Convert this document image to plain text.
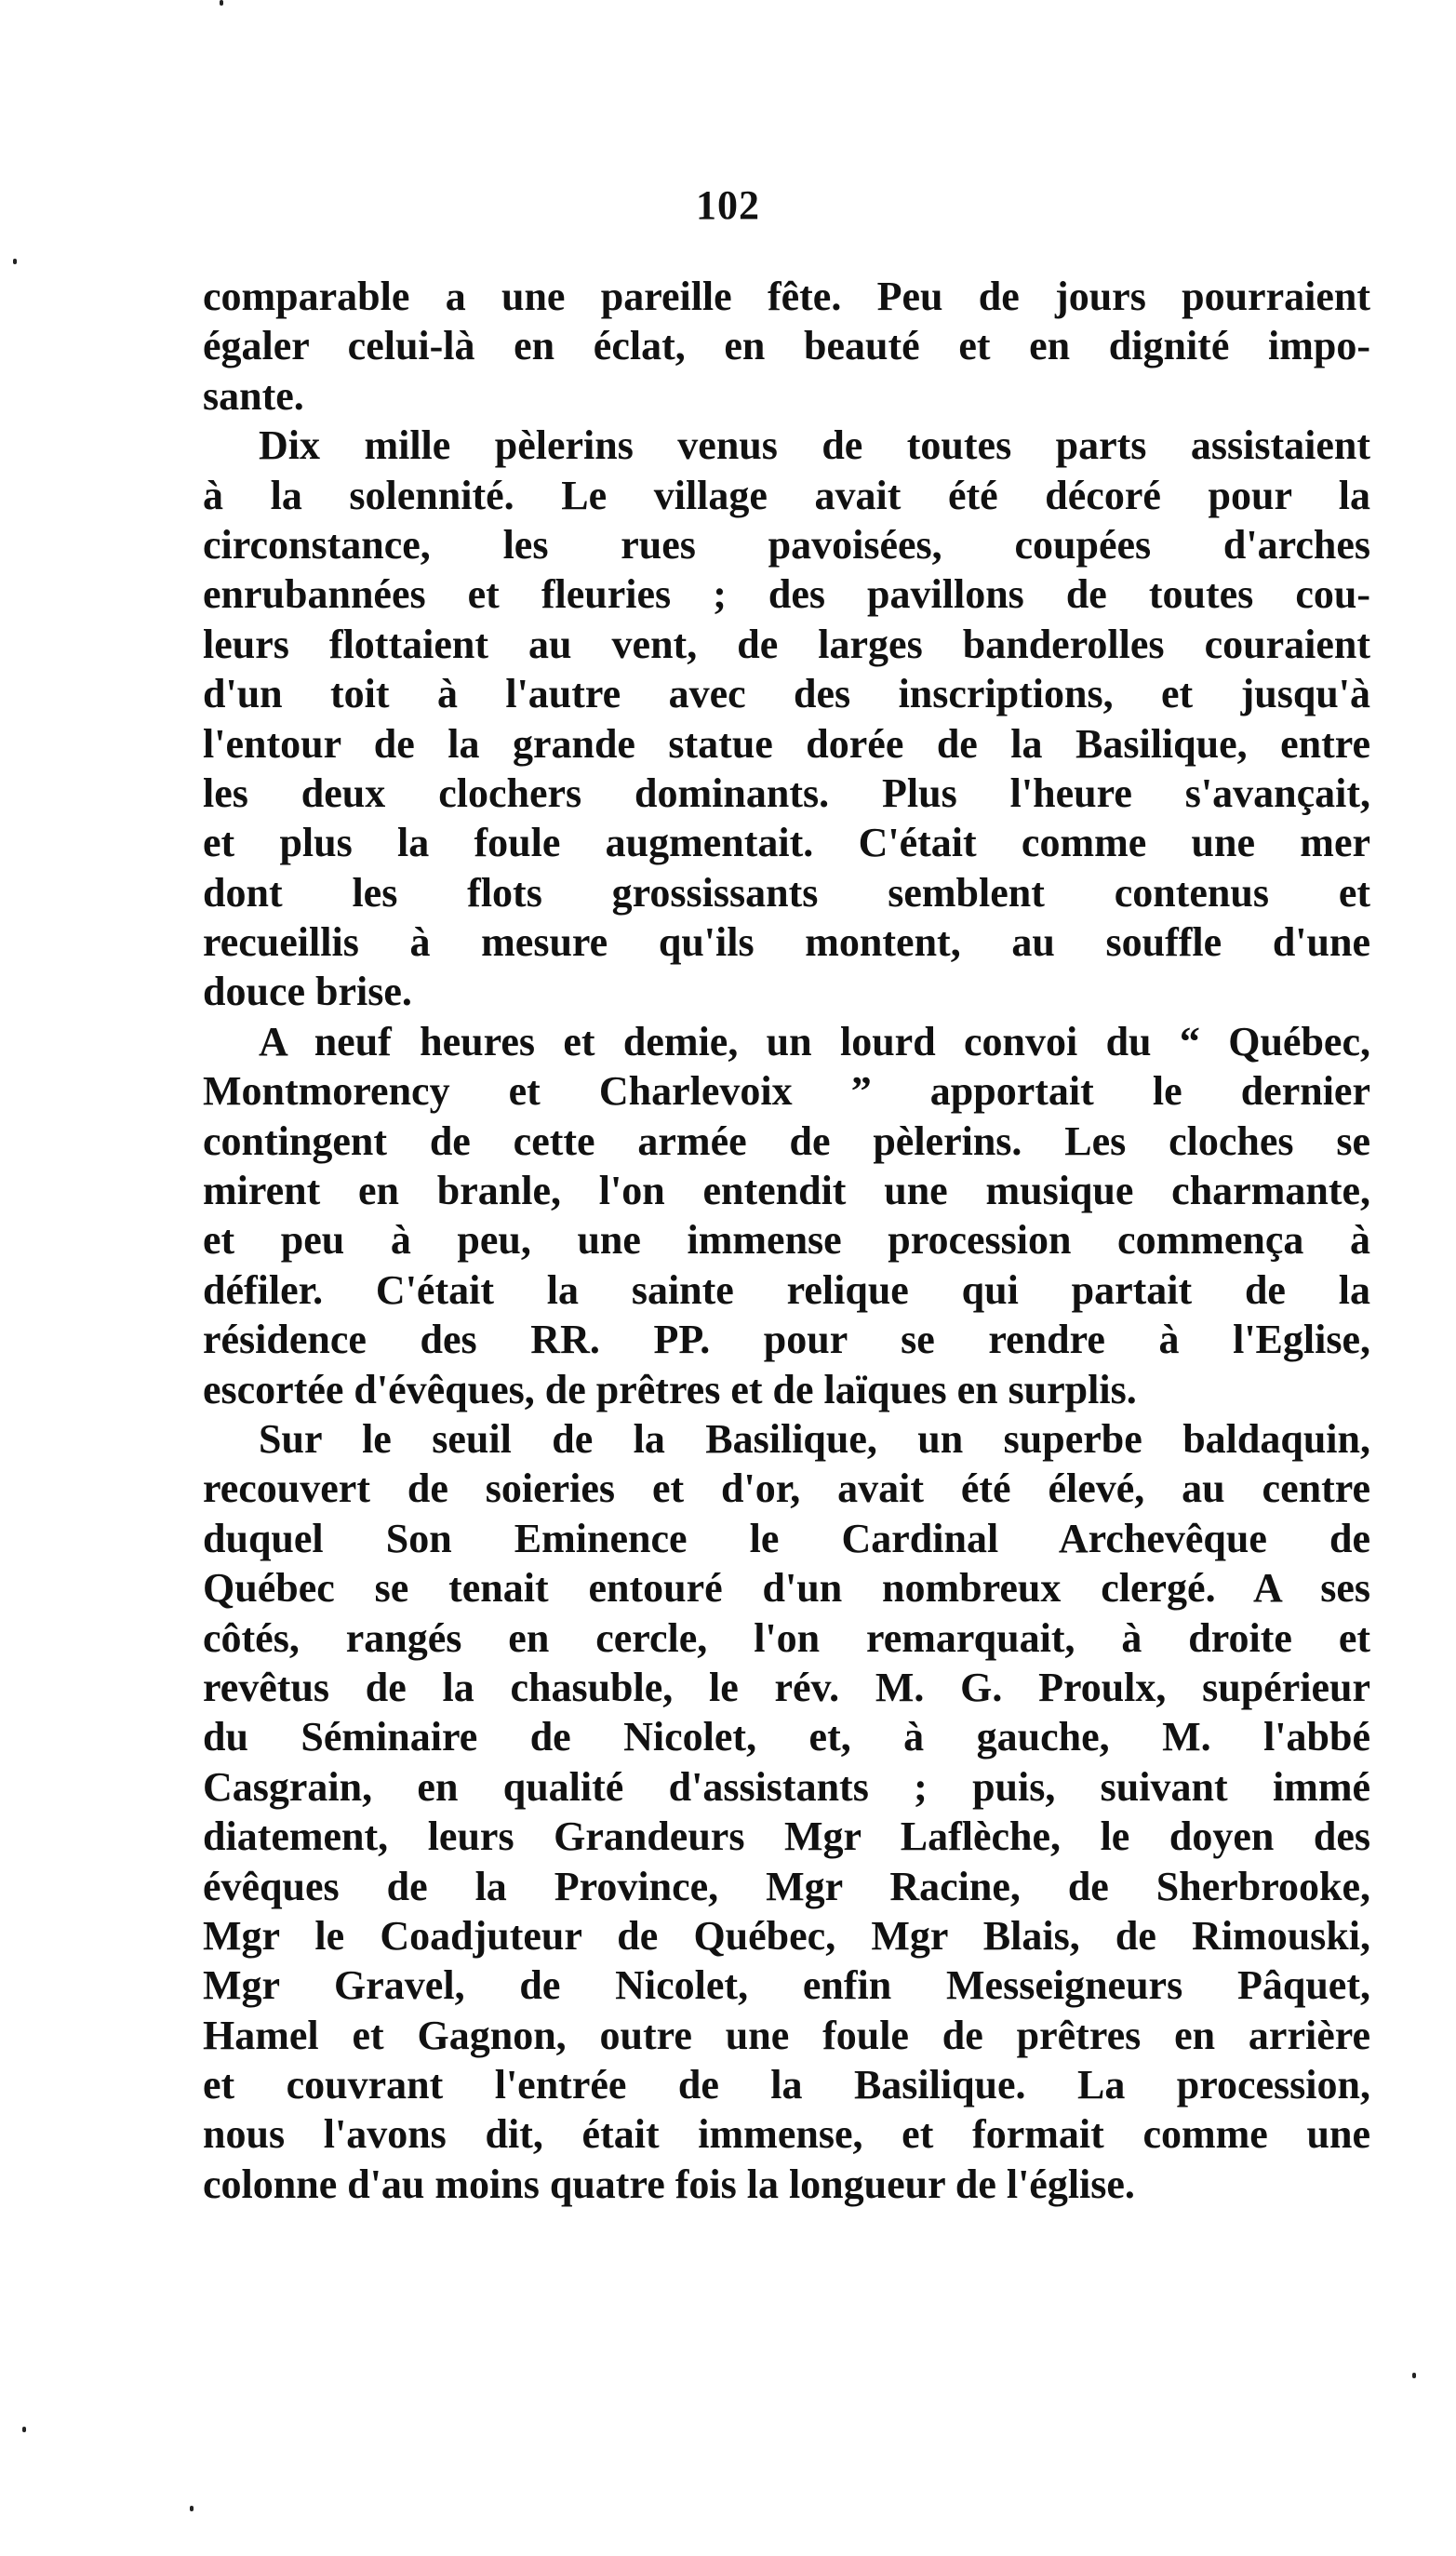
102
comparable a une pareille fête. Peu de jours pourraient
égaler celui-là en éclat, en beauté et en dignité impo-
sante.
Dix mille pèlerins venus de toutes parts assistaient
à la solennité. Le village avait été décoré pour la
circonstance, les rues pavoisées, coupées d'arches
enrubannées et fleuries ; des pavillons de toutes cou-
leurs flottaient au vent, de larges banderolles couraient
d'un toit à l'autre avec des inscriptions, et jusqu'à
l'entour de la grande statue dorée de la Basilique, entre
les deux clochers dominants. Plus l'heure s'avançait,
et plus la foule augmentait. C'était comme une mer
dont les flots grossissants semblent contenus et
recueillis à mesure qu'ils montent, au souffle d'une
douce brise.
A neuf heures et demie, un lourd convoi du “ Québec,
Montmorency et Charlevoix ” apportait le dernier
contingent de cette armée de pèlerins. Les cloches se
mirent en branle, l'on entendit une musique charmante,
et peu à peu, une immense procession commença à
défiler. C'était la sainte relique qui partait de la
résidence des RR. PP. pour se rendre à l'Eglise,
escortée d'évêques, de prêtres et de laïques en surplis.
Sur le seuil de la Basilique, un superbe baldaquin,
recouvert de soieries et d'or, avait été élevé, au centre
duquel Son Eminence le Cardinal Archevêque de
Québec se tenait entouré d'un nombreux clergé. A ses
côtés, rangés en cercle, l'on remarquait, à droite et
revêtus de la chasuble, le rév. M. G. Proulx, supérieur
du Séminaire de Nicolet, et, à gauche, M. l'abbé
Casgrain, en qualité d'assistants ; puis, suivant immé
diatement, leurs Grandeurs Mgr Laflèche, le doyen des
évêques de la Province, Mgr Racine, de Sherbrooke,
Mgr le Coadjuteur de Québec, Mgr Blais, de Rimouski,
Mgr Gravel, de Nicolet, enfin Messeigneurs Pâquet,
Hamel et Gagnon, outre une foule de prêtres en arrière
et couvrant l'entrée de la Basilique. La procession,
nous l'avons dit, était immense, et formait comme une
colonne d'au moins quatre fois la longueur de l'église.
